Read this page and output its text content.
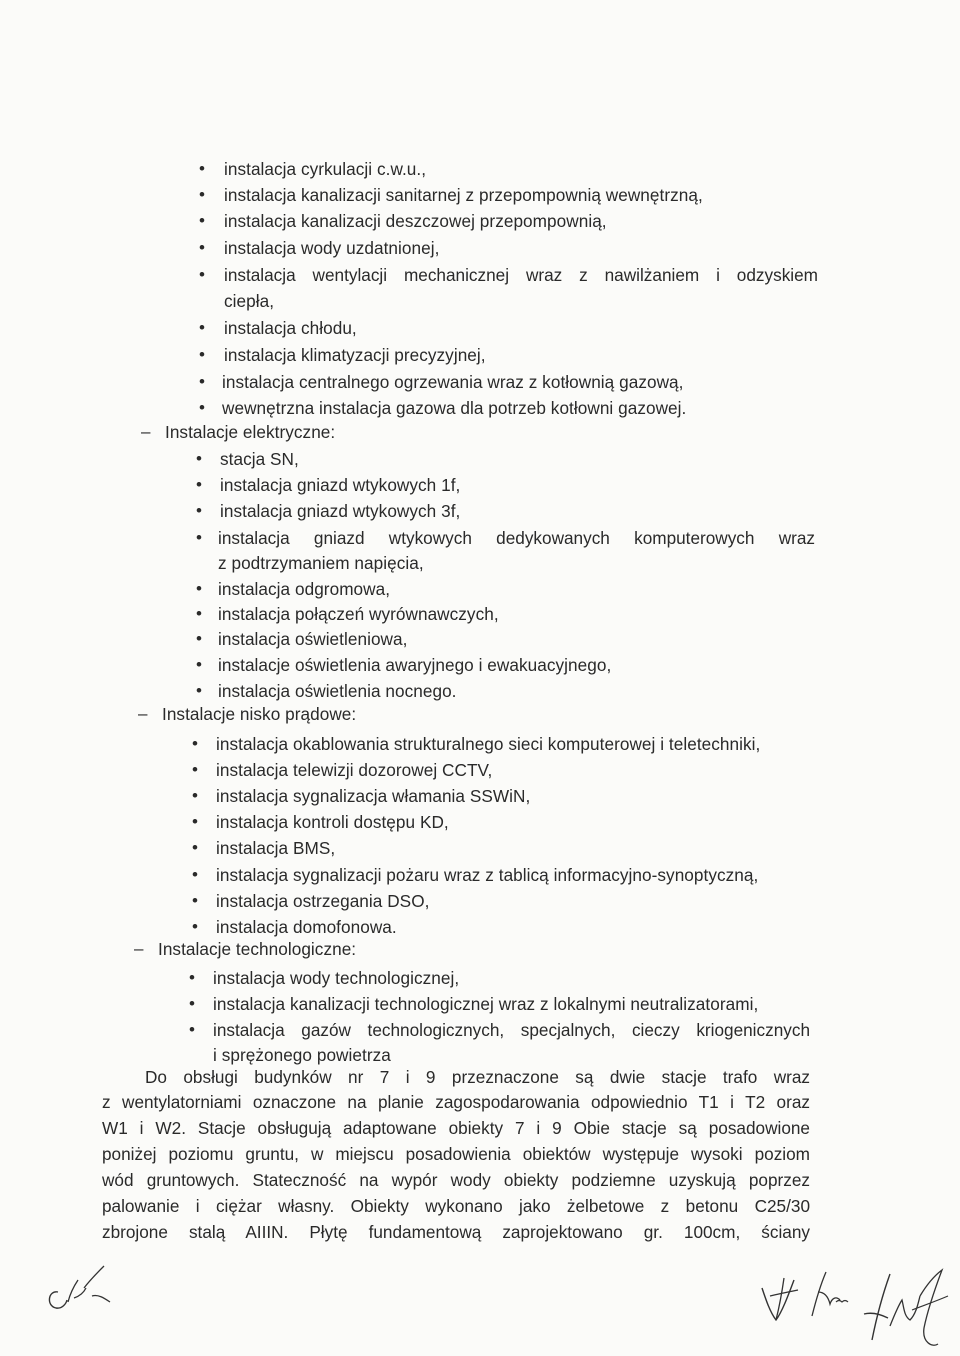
• instalacja cyrkulacji c.w.u.,
• instalacja kanalizacji sanitarnej z przepompownią wewnętrzną,
• instalacja kanalizacji deszczowej przepompownią,
• instalacja wody uzdatnionej,
• instalacja wentylacji mechanicznej wraz z nawilżaniem i odzyskiem
ciepła,
• instalacja chłodu,
• instalacja klimatyzacji precyzyjnej,
• instalacja centralnego ogrzewania wraz z kotłownią gazową,
• wewnętrzna instalacja gazowa dla potrzeb kotłowni gazowej.
– Instalacje elektryczne:
• stacja SN,
• instalacja gniazd wtykowych 1f,
• instalacja gniazd wtykowych 3f,
• instalacja gniazd wtykowych dedykowanych komputerowych wraz
z podtrzymaniem napięcia,
• instalacja odgromowa,
• instalacja połączeń wyrównawczych,
• instalacja oświetleniowa,
• instalacje oświetlenia awaryjnego i ewakuacyjnego,
• instalacja oświetlenia nocnego.
– Instalacje nisko prądowe:
• instalacja okablowania strukturalnego sieci komputerowej i teletechniki,
• instalacja telewizji dozorowej CCTV,
• instalacja sygnalizacja włamania SSWiN,
• instalacja kontroli dostępu KD,
• instalacja BMS,
• instalacja sygnalizacji pożaru wraz z tablicą informacyjno-synoptyczną,
• instalacja ostrzegania DSO,
• instalacja domofonowa.
– Instalacje technologiczne:
• instalacja wody technologicznej,
• instalacja kanalizacji technologicznej wraz z lokalnymi neutralizatorami,
• instalacja gazów technologicznych, specjalnych, cieczy kriogenicznych
i sprężonego powietrza
Do obsługi budynków nr 7 i 9 przeznaczone są dwie stacje trafo wraz
z wentylatorniami oznaczone na planie zagospodarowania odpowiednio T1 i T2 oraz
W1 i W2. Stacje obsługują adaptowane obiekty 7 i 9 Obie stacje są posadowione
poniżej poziomu gruntu, w miejscu posadowienia obiektów występuje wysoki poziom
wód gruntowych. Stateczność na wypór wody obiekty podziemne uzyskują poprzez
palowanie i ciężar własny. Obiekty wykonano jako żelbetowe z betonu C25/30
zbrojone stalą AIIIN. Płytę fundamentową zaprojektowano gr. 100cm, ściany
